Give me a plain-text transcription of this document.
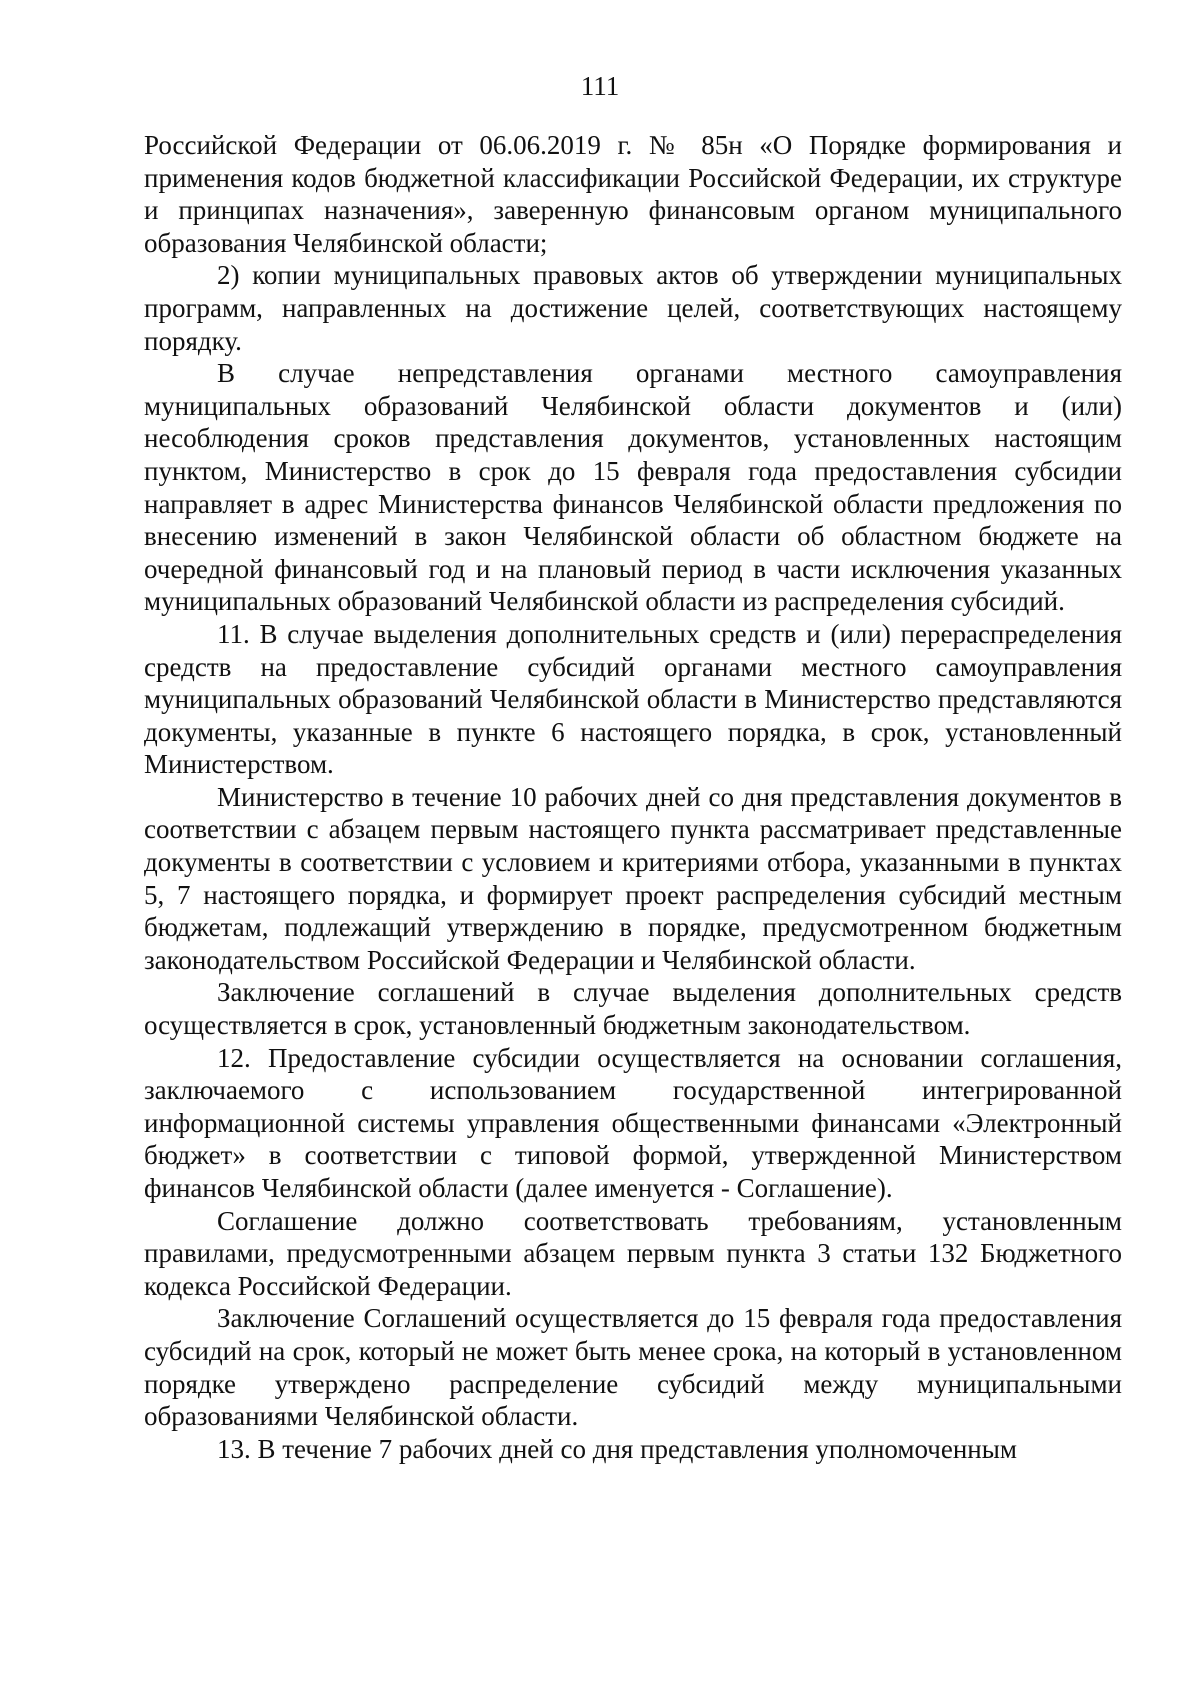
111

Российской Федерации от 06.06.2019 г. № 85н «О Порядке формирования и применения кодов бюджетной классификации Российской Федерации, их структуре и принципах назначения», заверенную финансовым органом муниципального образования Челябинской области;

2) копии муниципальных правовых актов об утверждении муниципальных программ, направленных на достижение целей, соответствующих настоящему порядку.

В случае непредставления органами местного самоуправления муниципальных образований Челябинской области документов и (или) несоблюдения сроков представления документов, установленных настоящим пунктом, Министерство в срок до 15 февраля года предоставления субсидии направляет в адрес Министерства финансов Челябинской области предложения по внесению изменений в закон Челябинской области об областном бюджете на очередной финансовый год и на плановый период в части исключения указанных муниципальных образований Челябинской области из распределения субсидий.

11. В случае выделения дополнительных средств и (или) перераспределения средств на предоставление субсидий органами местного самоуправления муниципальных образований Челябинской области в Министерство представляются документы, указанные в пункте 6 настоящего порядка, в срок, установленный Министерством.

Министерство в течение 10 рабочих дней со дня представления документов в соответствии с абзацем первым настоящего пункта рассматривает представленные документы в соответствии с условием и критериями отбора, указанными в пунктах 5, 7 настоящего порядка, и формирует проект распределения субсидий местным бюджетам, подлежащий утверждению в порядке, предусмотренном бюджетным законодательством Российской Федерации и Челябинской области.

Заключение соглашений в случае выделения дополнительных средств осуществляется в срок, установленный бюджетным законодательством.

12. Предоставление субсидии осуществляется на основании соглашения, заключаемого с использованием государственной интегрированной информационной системы управления общественными финансами «Электронный бюджет» в соответствии с типовой формой, утвержденной Министерством финансов Челябинской области (далее именуется - Соглашение).

Соглашение должно соответствовать требованиям, установленным правилами, предусмотренными абзацем первым пункта 3 статьи 132 Бюджетного кодекса Российской Федерации.

Заключение Соглашений осуществляется до 15 февраля года предоставления субсидий на срок, который не может быть менее срока, на который в установленном порядке утверждено распределение субсидий между муниципальными образованиями Челябинской области.

13. В течение 7 рабочих дней со дня представления уполномоченным
